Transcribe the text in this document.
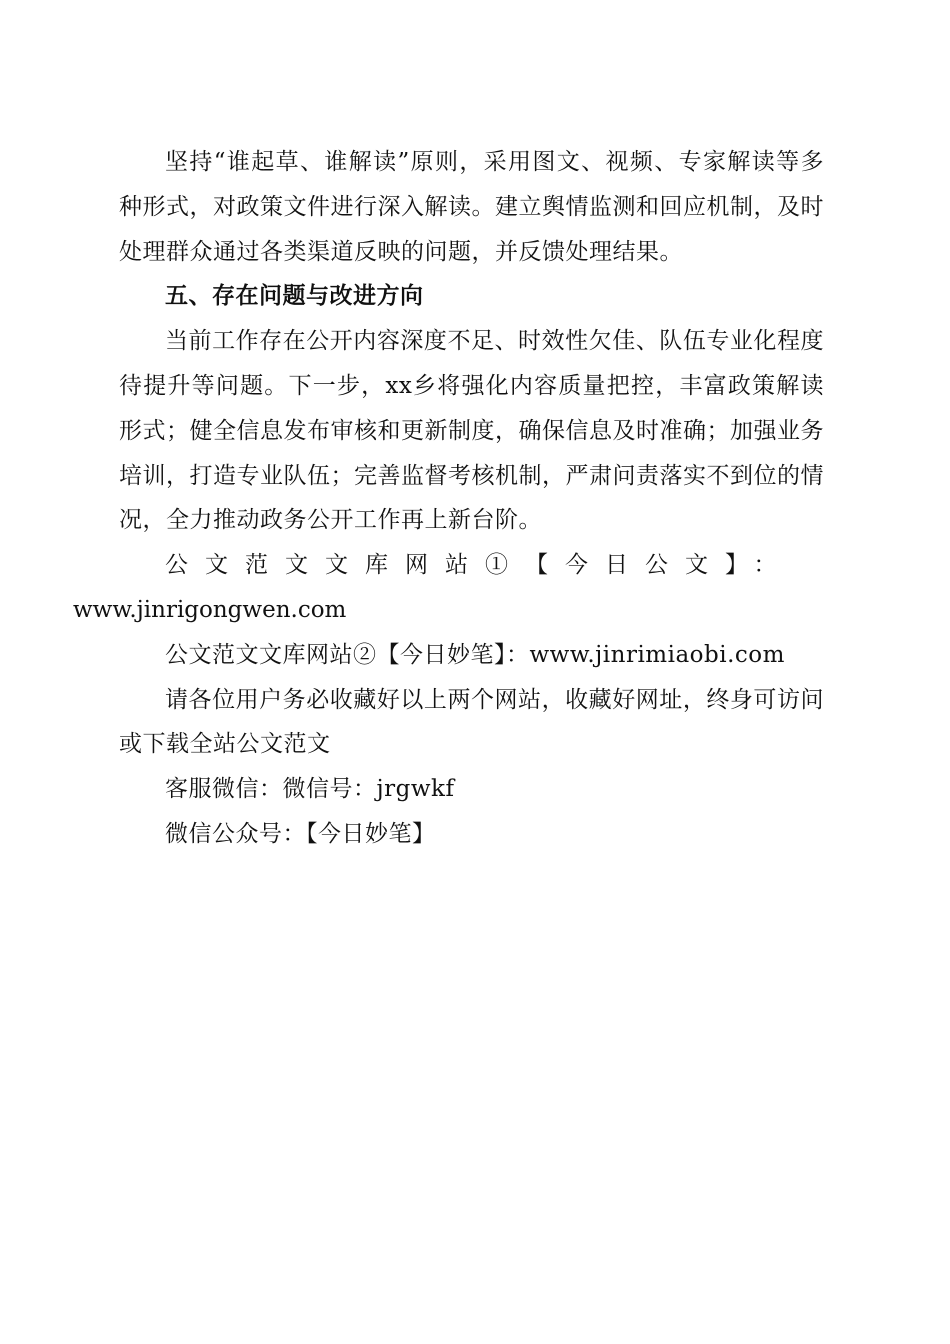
坚持“谁起草、谁解读”原则，采用图文、视频、专家解读等多种形式，对政策文件进行深入解读。建立舆情监测和回应机制，及时处理群众通过各类渠道反映的问题，并反馈处理结果。

五、存在问题与改进方向

当前工作存在公开内容深度不足、时效性欠佳、队伍专业化程度待提升等问题。下一步，xx乡将强化内容质量把控，丰富政策解读形式；健全信息发布审核和更新制度，确保信息及时准确；加强业务培训，打造专业队伍；完善监督考核机制，严肃问责落实不到位的情况，全力推动政务公开工作再上新台阶。

公文范文文库网站①【今日公文】：
www.jinrigongwen.com

公文范文文库网站②【今日妙笔】：www.jinrimiaobi.com

请各位用户务必收藏好以上两个网站，收藏好网址，终身可访问或下载全站公文范文

客服微信：微信号：jrgwkf

微信公众号：【今日妙笔】
